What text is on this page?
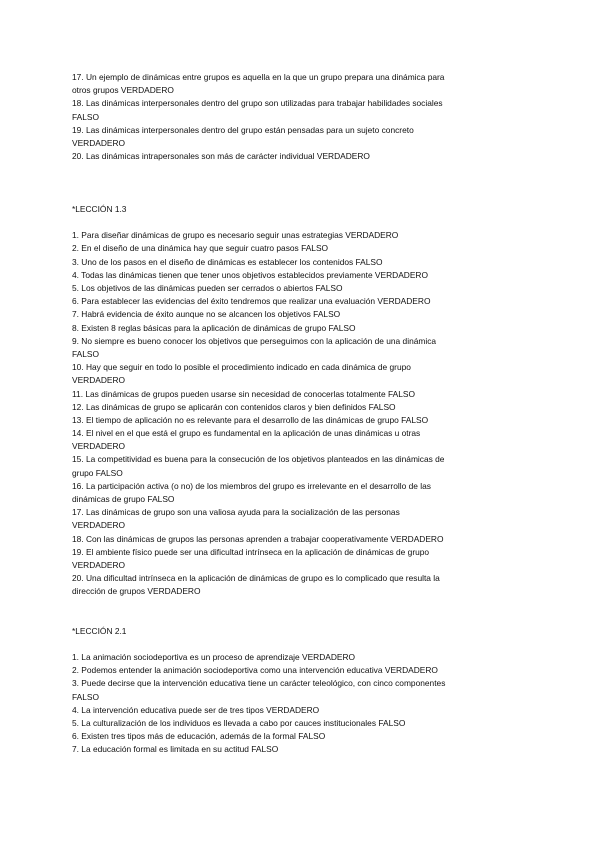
17. Un ejemplo de dinámicas entre grupos es aquella en la que un grupo prepara una dinámica para
otros grupos VERDADERO
18. Las dinámicas interpersonales dentro del grupo son utilizadas para trabajar habilidades sociales
FALSO
19. Las dinámicas interpersonales dentro del grupo están pensadas para un sujeto concreto
VERDADERO
20. Las dinámicas intrapersonales son más de carácter individual VERDADERO
*LECCIÓN 1.3
1. Para diseñar dinámicas de grupo es necesario seguir unas estrategias VERDADERO
2. En el diseño de una dinámica hay que seguir cuatro pasos FALSO
3. Uno de los pasos en el diseño de dinámicas es establecer los contenidos FALSO
4. Todas las dinámicas tienen que tener unos objetivos establecidos previamente VERDADERO
5. Los objetivos de las dinámicas pueden ser cerrados o abiertos FALSO
6. Para establecer las evidencias del éxito tendremos que realizar una evaluación VERDADERO
7. Habrá evidencia de éxito aunque no se alcancen los objetivos FALSO
8. Existen 8 reglas básicas para la aplicación de dinámicas de grupo FALSO
9. No siempre es bueno conocer los objetivos que perseguimos con la aplicación de una dinámica
FALSO
10. Hay que seguir en todo lo posible el procedimiento indicado en cada dinámica de grupo
VERDADERO
11. Las dinámicas de grupos pueden usarse sin necesidad de conocerlas totalmente FALSO
12. Las dinámicas de grupo se aplicarán con contenidos claros y bien definidos FALSO
13. El tiempo de aplicación no es relevante para el desarrollo de las dinámicas de grupo FALSO
14. El nivel en el que está el grupo es fundamental en la aplicación de unas dinámicas u otras
VERDADERO
15. La competitividad es buena para la consecución de los objetivos planteados en las dinámicas de
grupo FALSO
16. La participación activa (o no) de los miembros del grupo es irrelevante en el desarrollo de las
dinámicas de grupo FALSO
17. Las dinámicas de grupo son una valiosa ayuda para la socialización de las personas
VERDADERO
18. Con las dinámicas de grupos las personas aprenden a trabajar cooperativamente VERDADERO
19. El ambiente físico puede ser una dificultad intrínseca en la aplicación de dinámicas de grupo
VERDADERO
20. Una dificultad intrínseca en la aplicación de dinámicas de grupo es lo complicado que resulta la
dirección de grupos VERDADERO
*LECCIÓN 2.1
1. La animación sociodeportiva es un proceso de aprendizaje VERDADERO
2. Podemos entender la animación sociodeportiva como una intervención educativa VERDADERO
3. Puede decirse que la intervención educativa tiene un carácter teleológico, con cinco componentes
FALSO
4. La intervención educativa puede ser de tres tipos VERDADERO
5. La culturalización de los individuos es llevada a cabo por cauces institucionales FALSO
6. Existen tres tipos más de educación, además de la formal FALSO
7. La educación formal es limitada en su actitud FALSO
